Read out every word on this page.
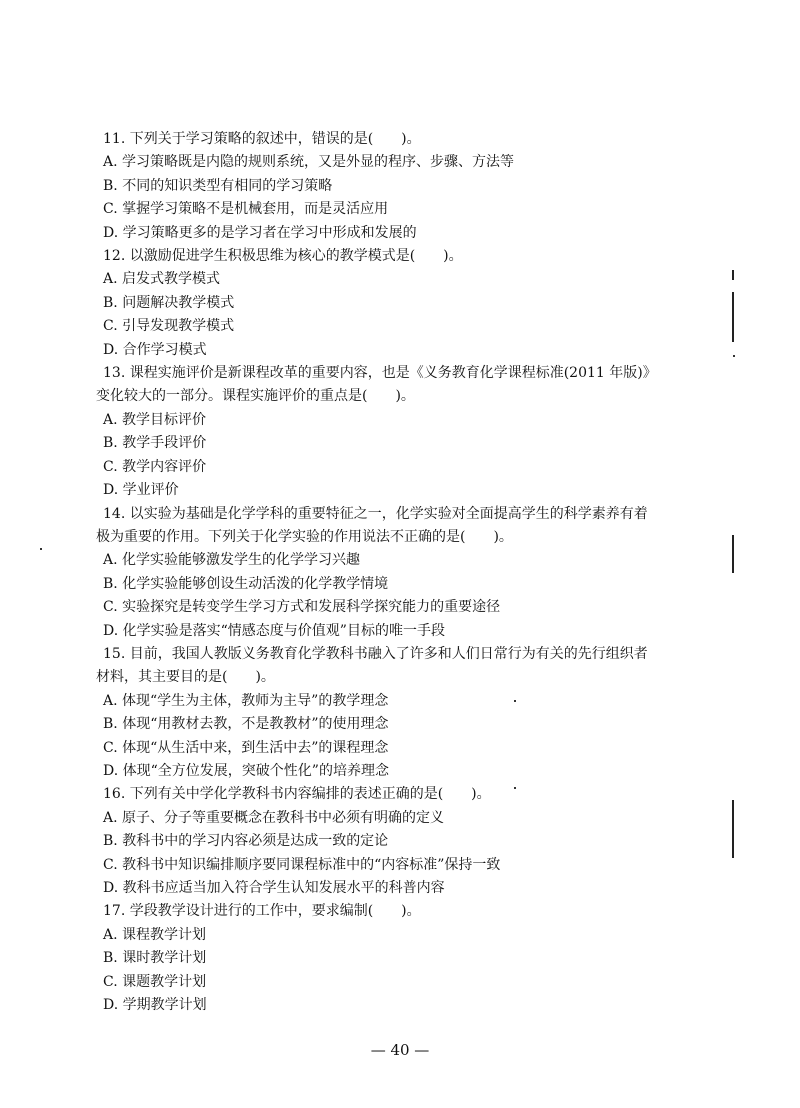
11. 下列关于学习策略的叙述中，错误的是(　　)。
A. 学习策略既是内隐的规则系统，又是外显的程序、步骤、方法等
B. 不同的知识类型有相同的学习策略
C. 掌握学习策略不是机械套用，而是灵活应用
D. 学习策略更多的是学习者在学习中形成和发展的
12. 以激励促进学生积极思维为核心的教学模式是(　　)。
A. 启发式教学模式
B. 问题解决教学模式
C. 引导发现教学模式
D. 合作学习模式
13. 课程实施评价是新课程改革的重要内容，也是《义务教育化学课程标准(2011 年版)》
变化较大的一部分。课程实施评价的重点是(　　)。
A. 教学目标评价
B. 教学手段评价
C. 教学内容评价
D. 学业评价
14. 以实验为基础是化学学科的重要特征之一，化学实验对全面提高学生的科学素养有着
极为重要的作用。下列关于化学实验的作用说法不正确的是(　　)。
A. 化学实验能够激发学生的化学学习兴趣
B. 化学实验能够创设生动活泼的化学教学情境
C. 实验探究是转变学生学习方式和发展科学探究能力的重要途径
D. 化学实验是落实“情感态度与价值观”目标的唯一手段
15. 目前，我国人教版义务教育化学教科书融入了许多和人们日常行为有关的先行组织者
材料，其主要目的是(　　)。
A. 体现“学生为主体，教师为主导”的教学理念
B. 体现“用教材去教，不是教教材”的使用理念
C. 体现“从生活中来，到生活中去”的课程理念
D. 体现“全方位发展，突破个性化”的培养理念
16. 下列有关中学化学教科书内容编排的表述正确的是(　　)。
A. 原子、分子等重要概念在教科书中必须有明确的定义
B. 教科书中的学习内容必须是达成一致的定论
C. 教科书中知识编排顺序要同课程标准中的“内容标准”保持一致
D. 教科书应适当加入符合学生认知发展水平的科普内容
17. 学段教学设计进行的工作中，要求编制(　　)。
A. 课程教学计划
B. 课时教学计划
C. 课题教学计划
D. 学期教学计划
— 40 —
